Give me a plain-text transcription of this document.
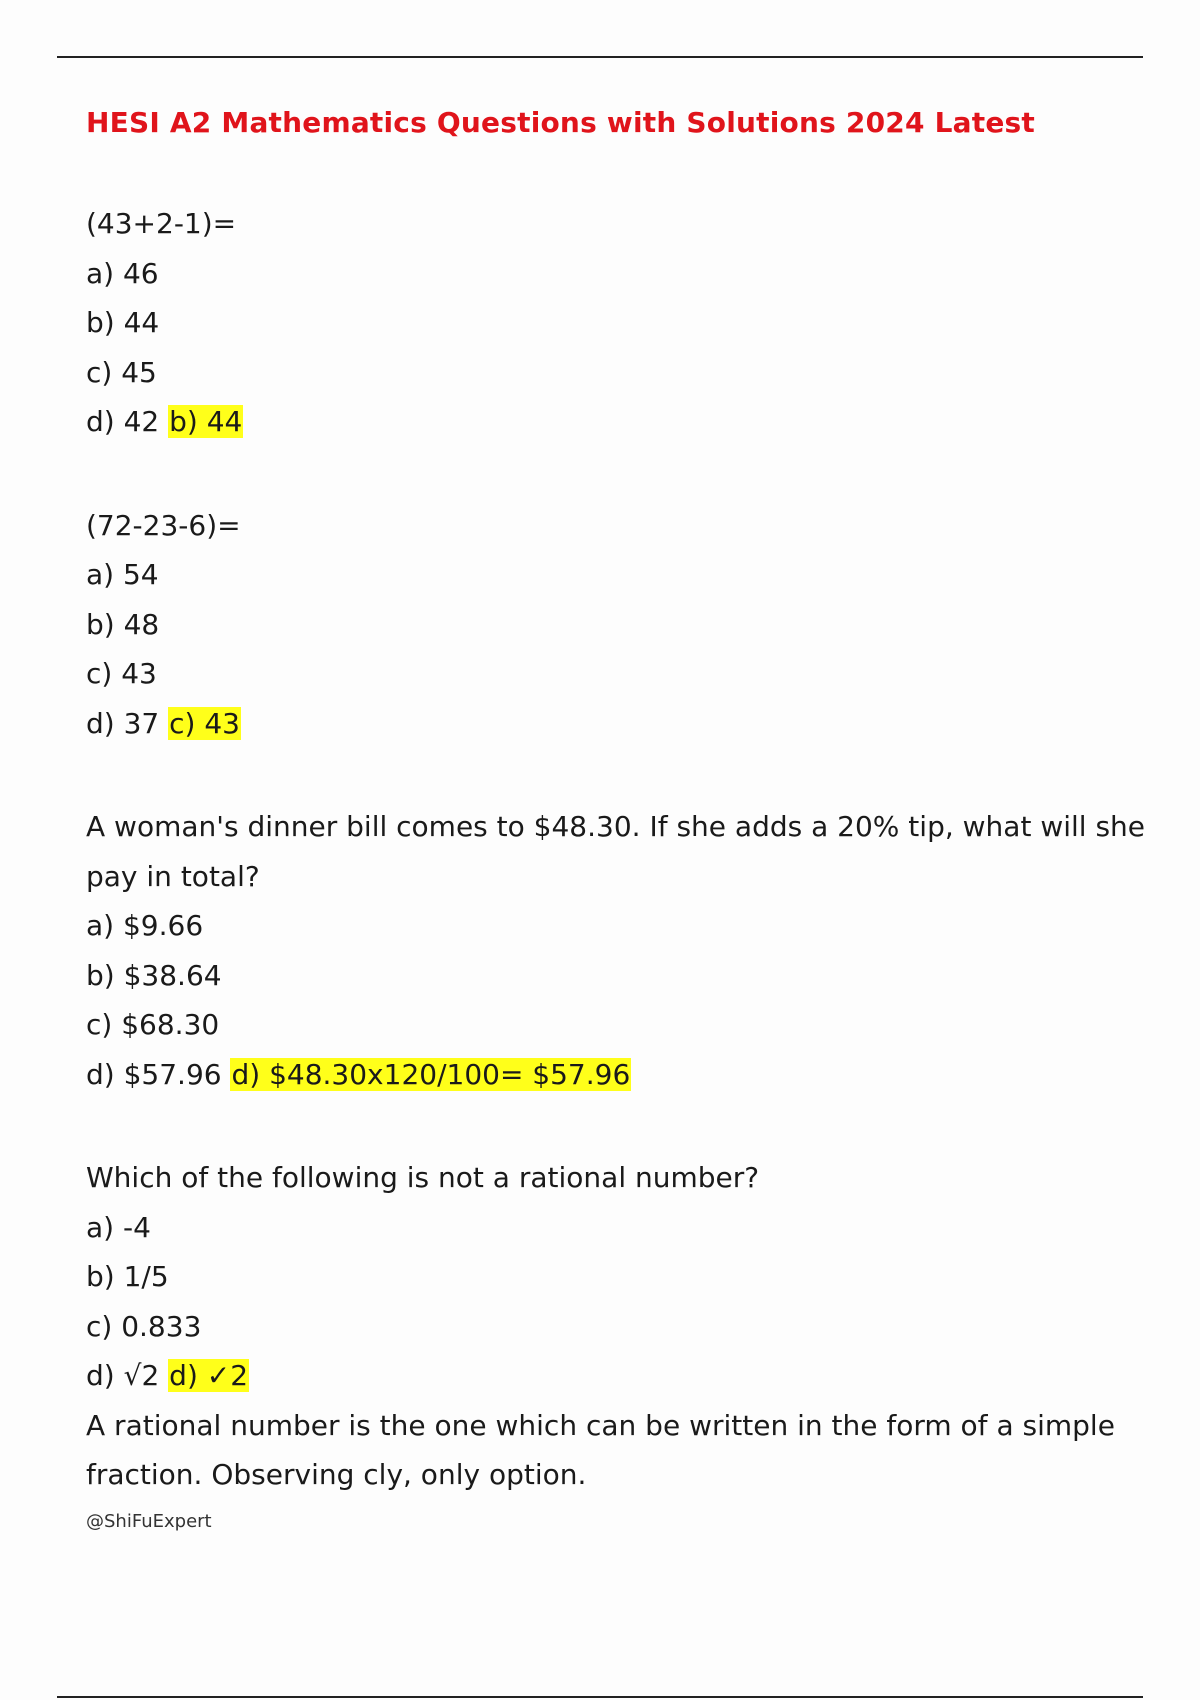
HESI A2 Mathematics Questions with Solutions 2024 Latest

(43+2-1)=

a) 46

b) 44

c) 45

d) 42 b) 44

(72-23-6)=

a) 54

b) 48

c) 43

d) 37 c) 43

A woman's dinner bill comes to $48.30. If she adds a 20% tip, what will she pay in total?

a) $9.66

b) $38.64

c) $68.30

d) $57.96 d) $48.30x120/100= $57.96

Which of the following is not a rational number?

a) -4

b) 1/5

c) 0.833

d) √2 d) ✓2

A rational number is the one which can be written in the form of a simple fraction. Observing cly, only option.

@ShiFuExpert
